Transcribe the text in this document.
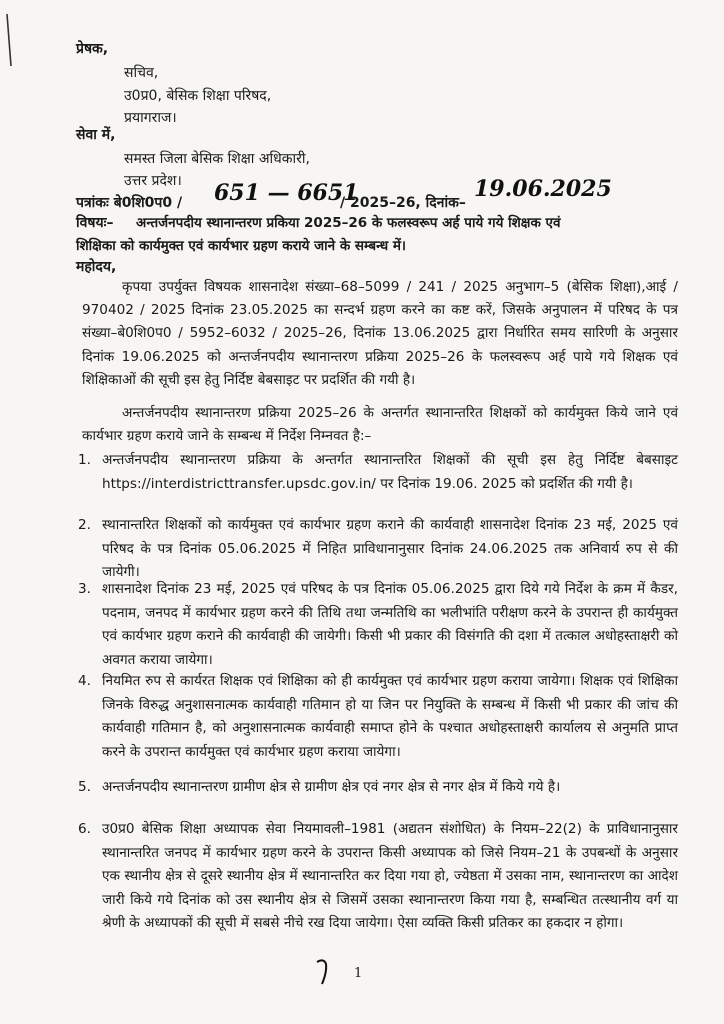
प्रेषक,
सचिव,
उ0प्र0, बेसिक शिक्षा परिषद,
प्रयागराज।
सेवा में,
समस्त जिला बेसिक शिक्षा अधिकारी,
उत्तर प्रदेश।
पत्रांकः बे0शि0प0 / 651 — 6651
/ 2025–26, दिनांक–
19.06.2025
विषयः– अन्तर्जनपदीय स्थानान्तरण प्रकिया 2025–26 के फलस्वरूप अर्ह पाये गये शिक्षक एवं
शिक्षिका को कार्यमुक्त एवं कार्यभार ग्रहण कराये जाने के सम्बन्ध में।
महोदय,
कृपया उपर्युक्त विषयक शासनादेश संख्या–68–5099 / 241 / 2025 अनुभाग–5 (बेसिक शिक्षा),आई / 970402 / 2025 दिनांक 23.05.2025 का सन्दर्भ ग्रहण करने का कष्ट करें, जिसके अनुपालन में परिषद के पत्र संख्या–बे0शि0प0 / 5952–6032 / 2025–26, दिनांक 13.06.2025 द्वारा निर्धारित समय सारिणी के अनुसार दिनांक 19.06.2025 को अन्तर्जनपदीय स्थानान्तरण प्रक्रिया 2025–26 के फलस्वरूप अर्ह पाये गये शिक्षक एवं शिक्षिकाओं की सूची इस हेतु निर्दिष्ट बेबसाइट पर प्रदर्शित की गयी है।
अन्तर्जनपदीय स्थानान्तरण प्रक्रिया 2025–26 के अन्तर्गत स्थानान्तरित शिक्षकों को कार्यमुक्त किये जाने एवं कार्यभार ग्रहण कराये जाने के सम्बन्ध में निर्देश निम्नवत है:–
1. अन्तर्जनपदीय स्थानान्तरण प्रक्रिया के अन्तर्गत स्थानान्तरित शिक्षकों की सूची इस हेतु निर्दिष्ट बेबसाइट https://interdistricttransfer.upsdc.gov.in/ पर दिनांक 19.06. 2025 को प्रदर्शित की गयी है।
2. स्थानान्तरित शिक्षकों को कार्यमुक्त एवं कार्यभार ग्रहण कराने की कार्यवाही शासनादेश दिनांक 23 मई, 2025 एवं परिषद के पत्र दिनांक 05.06.2025 में निहित प्राविधानानुसार दिनांक 24.06.2025 तक अनिवार्य रुप से की जायेगी।
3. शासनादेश दिनांक 23 मई, 2025 एवं परिषद के पत्र दिनांक 05.06.2025 द्वारा दिये गये निर्देश के क्रम में कैडर, पदनाम, जनपद में कार्यभार ग्रहण करने की तिथि तथा जन्मतिथि का भलीभांति परीक्षण करने के उपरान्त ही कार्यमुक्त एवं कार्यभार ग्रहण कराने की कार्यवाही की जायेगी। किसी भी प्रकार की विसंगति की दशा में तत्काल अधोहस्ताक्षरी को अवगत कराया जायेगा।
4. नियमित रुप से कार्यरत शिक्षक एवं शिक्षिका को ही कार्यमुक्त एवं कार्यभार ग्रहण कराया जायेगा। शिक्षक एवं शिक्षिका जिनके विरुद्ध अनुशासनात्मक कार्यवाही गतिमान हो या जिन पर नियुक्ति के सम्बन्ध में किसी भी प्रकार की जांच की कार्यवाही गतिमान है, को अनुशासनात्मक कार्यवाही समाप्त होने के पश्चात अधोहस्ताक्षरी कार्यालय से अनुमति प्राप्त करने के उपरान्त कार्यमुक्त एवं कार्यभार ग्रहण कराया जायेगा।
5. अन्तर्जनपदीय स्थानान्तरण ग्रामीण क्षेत्र से ग्रामीण क्षेत्र एवं नगर क्षेत्र से नगर क्षेत्र में किये गये है।
6. उ0प्र0 बेसिक शिक्षा अध्यापक सेवा नियमावली–1981 (अद्यतन संशोधित) के नियम–22(2) के प्राविधानानुसार स्थानान्तरित जनपद में कार्यभार ग्रहण करने के उपरान्त किसी अध्यापक को जिसे नियम–21 के उपबन्धों के अनुसार एक स्थानीय क्षेत्र से दूसरे स्थानीय क्षेत्र में स्थानान्तरित कर दिया गया हो, ज्येष्ठता में उसका नाम, स्थानान्तरण का आदेश जारी किये गये दिनांक को उस स्थानीय क्षेत्र से जिसमें उसका स्थानान्तरण किया गया है, सम्बन्धित तत्स्थानीय वर्ग या श्रेणी के अध्यापकों की सूची में सबसे नीचे रख दिया जायेगा। ऐसा व्यक्ति किसी प्रतिकर का हकदार न होगा।
1
